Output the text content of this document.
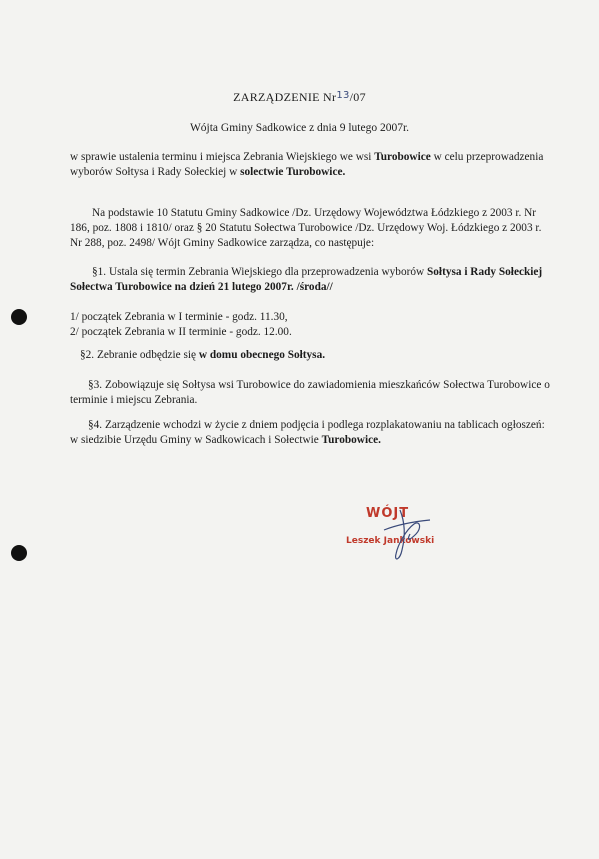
ZARZĄDZENIE Nr$^{13}$/07
Wójta Gminy Sadkowice z dnia 9 lutego 2007r.

w sprawie ustalenia terminu i miejsca Zebrania Wiejskiego we wsi Turobowice w celu przeprowadzenia wyborów Sołtysa i Rady Sołeckiej w solectwie Turobowice.

Na podstawie 10 Statutu Gminy Sadkowice /Dz. Urzędowy Województwa Łódzkiego z 2003 r. Nr 186, poz. 1808 i 1810/ oraz § 20 Statutu Sołectwa Turobowice /Dz. Urzędowy Woj. Łódzkiego z 2003 r. Nr 288, poz. 2498/ Wójt Gminy Sadkowice zarządza, co następuje:

§1. Ustala się termin Zebrania Wiejskiego dla przeprowadzenia wyborów Sołtysa i Rady Sołeckiej Sołectwa Turobowice na dzień 21 lutego 2007r. /środa//

1/ początek Zebrania w I terminie - godz. 11.30,
2/ początek Zebrania w II terminie - godz. 12.00.

§2. Zebranie odbędzie się w domu obecnego Sołtysa.

§3. Zobowiązuje się Sołtysa wsi Turobowice do zawiadomienia mieszkańców Sołectwa Turobowice o terminie i miejscu Zebrania.

§4. Zarządzenie wchodzi w życie z dniem podjęcia i podlega rozplakatowaniu na tablicach ogłoszeń: w siedzibie Urzędu Gminy w Sadkowicach i Sołectwie Turobowice.

WÓJT
Leszek Jankowski
